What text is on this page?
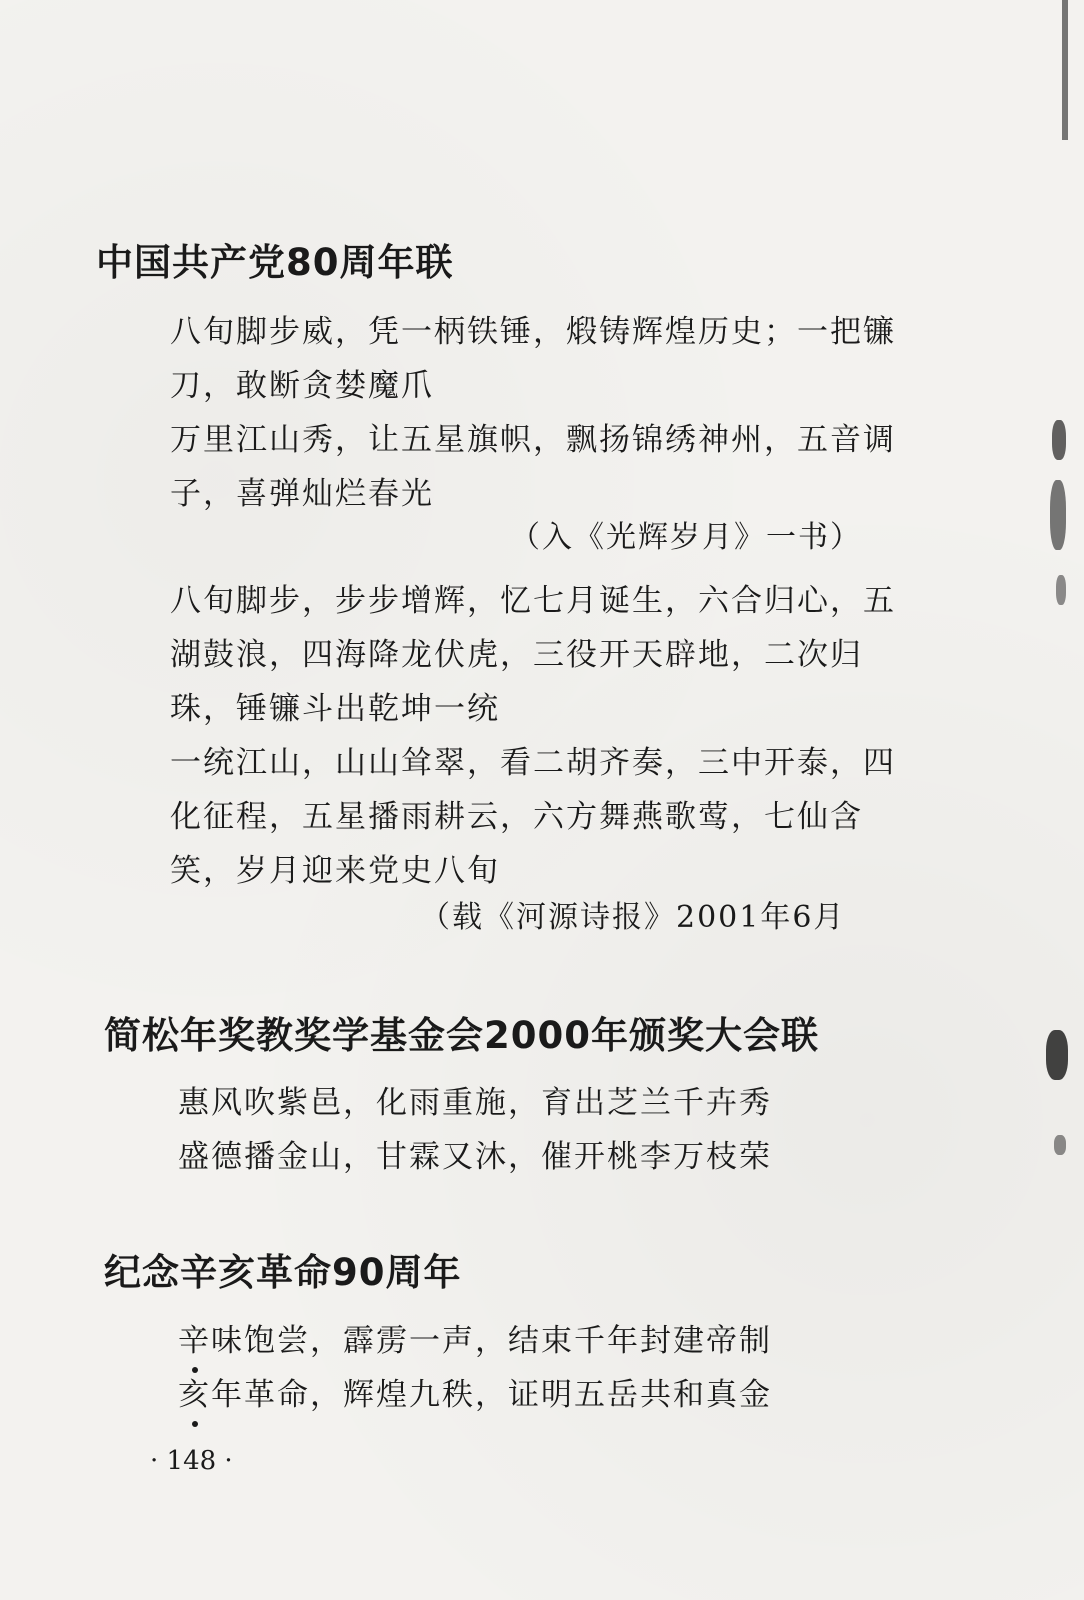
中国共产党80周年联
八旬脚步威，凭一柄铁锤，煅铸辉煌历史；一把镰
刀，敢断贪婪魔爪
万里江山秀，让五星旗帜，飘扬锦绣神州，五音调
子，喜弹灿烂春光

（入《光辉岁月》一书）

八旬脚步，步步增辉，忆七月诞生，六合归心，五
湖鼓浪，四海降龙伏虎，三役开天辟地，二次归
珠，锤镰斗出乾坤一统
一统江山，山山耸翠，看二胡齐奏，三中开泰，四
化征程，五星播雨耕云，六方舞燕歌莺，七仙含
笑，岁月迎来党史八旬

（载《河源诗报》2001年6月

简松年奖教奖学基金会2000年颁奖大会联
惠风吹紫邑，化雨重施，育出芝兰千卉秀
盛德播金山，甘霖又沐，催开桃李万枝荣
纪念辛亥革命90周年
辛
味饱尝，霹雳一声，结束千年封建帝制
亥
年革命，辉煌九秩，证明五岳共和真金
· 148 ·
